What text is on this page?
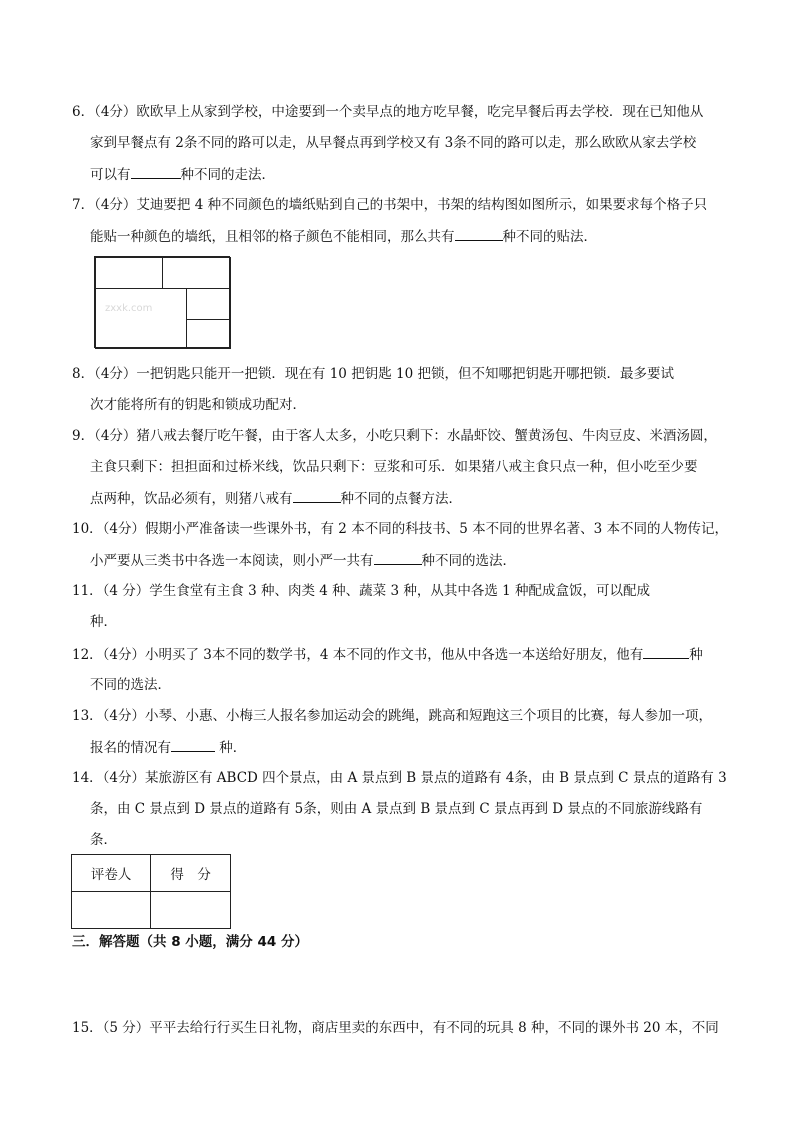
6．（4分）欧欧早上从家到学校，中途要到一个卖早点的地方吃早餐，吃完早餐后再去学校．现在已知他从
家到早餐点有 2条不同的路可以走，从早餐点再到学校又有 3条不同的路可以走，那么欧欧从家去学校
可以有	种不同的走法．
7．（4分）艾迪要把 4 种不同颜色的墙纸贴到自己的书架中，书架的结构图如图所示，如果要求每个格子只
能贴一种颜色的墙纸，且相邻的格子颜色不能相同，那么共有	种不同的贴法．
zxxk.com
8．（4分）一把钥匙只能开一把锁．现在有 10 把钥匙 10 把锁，但不知哪把钥匙开哪把锁．最多要试
次才能将所有的钥匙和锁成功配对．
9．（4分）猪八戒去餐厅吃午餐，由于客人太多，小吃只剩下：水晶虾饺、蟹黄汤包、牛肉豆皮、米酒汤圆，
主食只剩下：担担面和过桥米线，饮品只剩下：豆浆和可乐．如果猪八戒主食只点一种，但小吃至少要
点两种，饮品必须有，则猪八戒有	种不同的点餐方法．
10．（4分）假期小严准备读一些课外书，有 2 本不同的科技书、5 本不同的世界名著、3 本不同的人物传记，
小严要从三类书中各选一本阅读，则小严一共有	种不同的选法．
11．（4 分）学生食堂有主食 3 种、肉类 4 种、蔬菜 3 种，从其中各选 1 种配成盒饭，可以配成
种．
12．（4分）小明买了 3本不同的数学书，4 本不同的作文书，他从中各选一本送给好朋友，他有	种
不同的选法．
13．（4分）小琴、小惠、小梅三人报名参加运动会的跳绳，跳高和短跑这三个项目的比赛，每人参加一项，
报名的情况有	种．
14．（4分）某旅游区有 ABCD 四个景点，由 A 景点到 B 景点的道路有 4条，由 B 景点到 C 景点的道路有 3
条，由 C 景点到 D 景点的道路有 5条，则由 A 景点到 B 景点到 C 景点再到 D 景点的不同旅游线路有
条．
评卷人	得　分

三．解答题（共 8 小题，满分 44 分）
15．（5 分）平平去给行行买生日礼物，商店里卖的东西中，有不同的玩具 8 种，不同的课外书 20 本，不同
